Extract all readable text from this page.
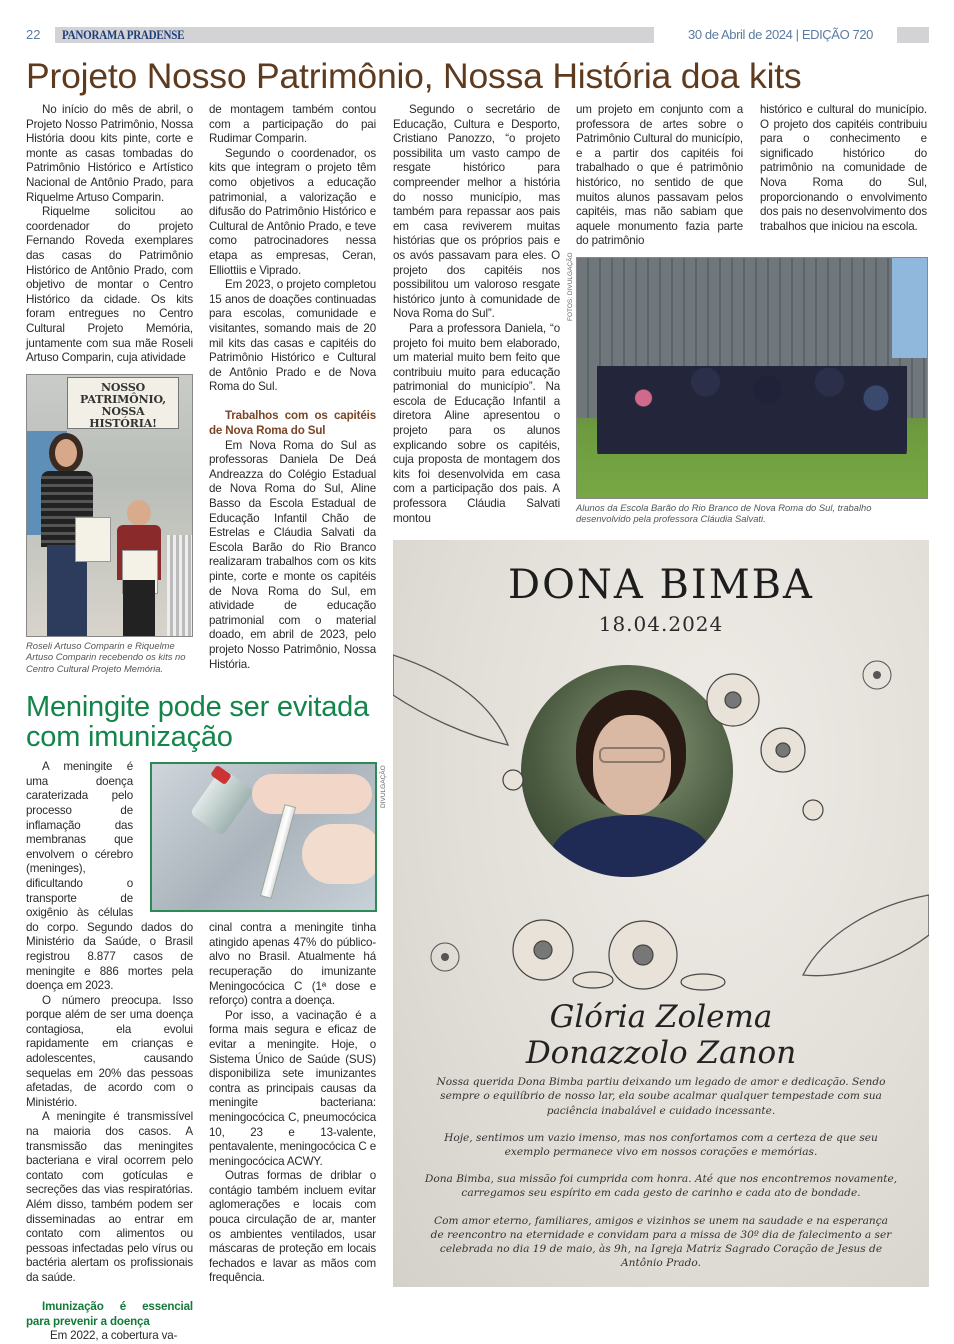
22 PANORAMA PRADENSE	30 de Abril de 2024 | EDIÇÃO 720
Projeto Nosso Patrimônio, Nossa História doa kits

No início do mês de abril, o Projeto Nosso Patrimônio, Nossa História doou kits pinte, corte e monte as casas tombadas do Patrimônio Histórico e Artístico Nacional de Antônio Prado, para Riquelme Artuso Comparin.

Riquelme solicitou ao coordenador do projeto Fernando Roveda exemplares das casas do Patrimônio Histórico de Antônio Prado, com objetivo de montar o Centro Histórico da cidade. Os kits foram entregues no Centro Cultural Projeto Memória, juntamente com sua mãe Roseli Artuso Comparin, cuja atividade

NOSSO PATRIMÔNIO, NOSSA HISTÓRIA!
Roseli Artuso Comparin e Riquelme Artuso Comparin recebendo os kits no Centro Cultural Projeto Memória.

de montagem também contou com a participação do pai Rudimar Comparin.

Segundo o coordenador, os kits que integram o projeto têm como objetivos a educação patrimonial, a valorização e difusão do Patrimônio Histórico e Cultural de Antônio Prado, e teve como patrocinadores nessa etapa as empresas, Ceran, Elliottiis e Viprado.

Em 2023, o projeto completou 15 anos de doações continuadas para escolas, comunidade e visitantes, somando mais de 20 mil kits das casas e capitéis do Patrimônio Histórico e Cultural de Antônio Prado e de Nova Roma do Sul.

Trabalhos com os capitéis de Nova Roma do Sul

Em Nova Roma do Sul as professoras Daniela De Deá Andreazza do Colégio Estadual de Nova Roma do Sul, Aline Basso da Escola Estadual de Educação Infantil Chão de Estrelas e Cláudia Salvati da Escola Barão do Rio Branco realizaram trabalhos com os kits pinte, corte e monte os capitéis de Nova Roma do Sul, em atividade de educação patrimonial com o material doado, em abril de 2023, pelo projeto Nosso Patrimônio, Nossa História.

Meningite pode ser evitada com imunização
DIVULGAÇÃO

A meningite é uma doença caraterizada pelo processo de inflamação das membranas que envolvem o cérebro (meninges), dificultando o transporte de oxigênio às células do corpo. Segundo dados do Ministério da Saúde, o Brasil registrou 8.877 casos de meningite e 886 mortes pela doença em 2023.

O número preocupa. Isso porque além de ser uma doença contagiosa, ela evolui rapidamente em crianças e adolescentes, causando sequelas em 20% das pessoas afetadas, de acordo com o Ministério.

A meningite é transmissível na maioria dos casos. A transmissão das meningites bacteriana e viral ocorrem pelo contato com gotículas e secreções das vias respiratórias. Além disso, também podem ser disseminadas ao entrar em contato com alimentos ou pessoas infectadas pelo vírus ou bactéria alertam os profissionais da saúde.

Imunização é essencial para prevenir a doença

Em 2022, a cobertura va-

cinal contra a meningite tinha atingido apenas 47% do público-alvo no Brasil. Atualmente há recuperação do imunizante Meningocócica C (1ª dose e reforço) contra a doença.

Por isso, a vacinação é a forma mais segura e eficaz de evitar a meningite. Hoje, o Sistema Único de Saúde (SUS) disponibiliza sete imunizantes contra as principais causas da meningite bacteriana: meningocócica C, pneumocócica 10, 23 e 13-valente, pentavalente, meningocócica C e meningocócica ACWY.

Outras formas de driblar o contágio também incluem evitar aglomerações e locais com pouca circulação de ar, manter os ambientes ventilados, usar máscaras de proteção em locais fechados e lavar as mãos com frequência.

Segundo o secretário de Educação, Cultura e Desporto, Cristiano Panozzo, “o projeto possibilita um vasto campo de resgate histórico para compreender melhor a história do nosso município, mas também para repassar aos pais em casa reviverem muitas histórias que os próprios pais e os avós passavam para eles. O projeto dos capitéis nos possibilitou um valoroso resgate histórico junto à comunidade de Nova Roma do Sul”.

Para a professora Daniela, “o projeto foi muito bem elaborado, um material muito bem feito que contribuiu muito para educação patrimonial do município”. Na escola de Educação Infantil a diretora Aline apresentou o projeto para os alunos explicando sobre os capitéis, cuja proposta de montagem dos kits foi desenvolvida em casa com a participação dos pais. A professora Cláudia Salvati montou

um projeto em conjunto com a professora de artes sobre o Patrimônio Cultural do município, e a partir dos capitéis foi trabalhado o que é patrimônio histórico, no sentido de que muitos alunos passavam pelos capitéis, mas não sabiam que aquele monumento fazia parte do patrimônio

histórico e cultural do município. O projeto dos capitéis contribuiu para o conhecimento e significado histórico do patrimônio na comunidade de Nova Roma do Sul, proporcionando o envolvimento dos pais no desenvolvimento dos trabalhos que iniciou na escola.

FOTOS: DIVULGAÇÃO
Alunos da Escola Barão do Rio Branco de Nova Roma do Sul, trabalho desenvolvido pela professora Cláudia Salvati.
DONA BIMBA
18.04.2024
Glória Zolema
Donazzolo Zanon

Nossa querida Dona Bimba partiu deixando um legado de amor e dedicação. Sendo sempre o equilíbrio de nosso lar, ela soube acalmar qualquer tempestade com sua paciência inabalável e cuidado incessante.

Hoje, sentimos um vazio imenso, mas nos confortamos com a certeza de que seu exemplo permanece vivo em nossos corações e memórias.

Dona Bimba, sua missão foi cumprida com honra. Até que nos encontremos novamente, carregamos seu espírito em cada gesto de carinho e cada ato de bondade.

Com amor eterno, familiares, amigos e vizinhos se unem na saudade e na esperança de reencontro na eternidade e convidam para a missa de 30º dia de falecimento a ser celebrada no dia 19 de maio, às 9h, na Igreja Matriz Sagrado Coração de Jesus de Antônio Prado.
